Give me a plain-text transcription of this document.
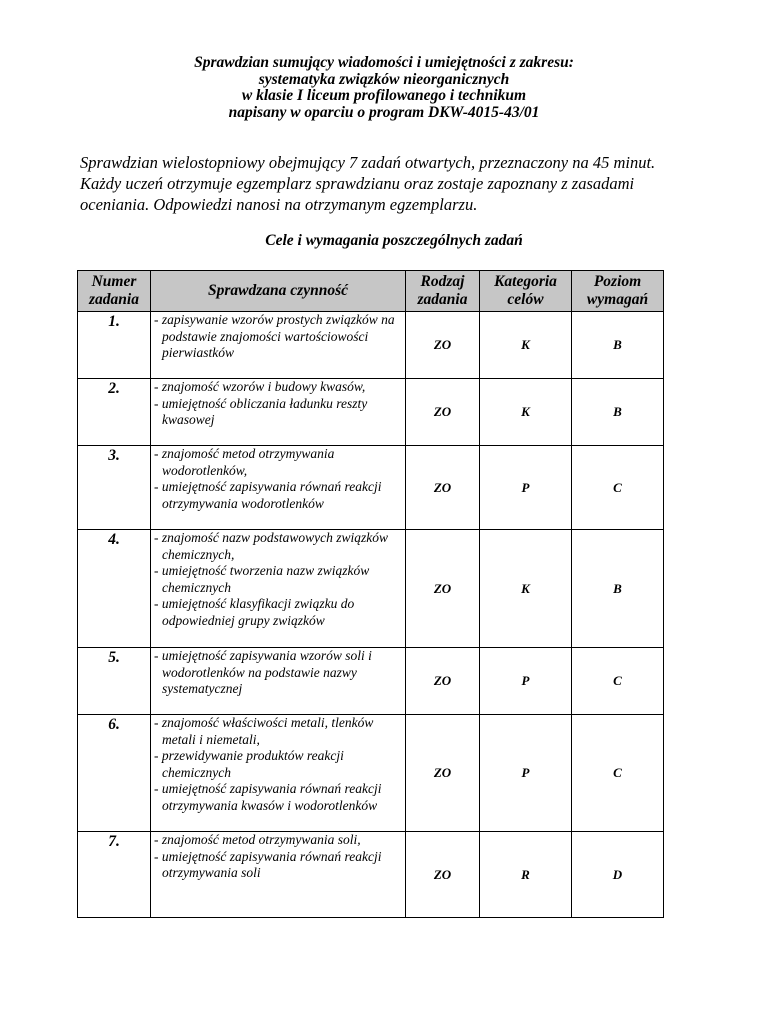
Sprawdzian sumujący wiadomości i umiejętności z zakresu:
systematyka związków nieorganicznych
w klasie I liceum profilowanego i technikum
napisany w oparciu o program DKW-4015-43/01
Sprawdzian wielostopniowy obejmujący 7 zadań otwartych, przeznaczony na 45 minut. Każdy uczeń otrzymuje egzemplarz sprawdzianu oraz zostaje zapoznany z zasadami oceniania. Odpowiedzi nanosi na otrzymanym egzemplarzu.
Cele i wymagania poszczególnych zadań
Numer zadania	Sprawdzana czynność	Rodzaj zadania	Kategoria celów	Poziom wymagań
1.	- zapisywanie wzorów prostych związków na podstawie znajomości wartościowości pierwiastków	ZO	K	B
2.	- znajomość wzorów i budowy kwasów,
- umiejętność obliczania ładunku reszty kwasowej	ZO	K	B
3.	- znajomość metod otrzymywania wodorotlenków,
- umiejętność zapisywania równań reakcji otrzymywania wodorotlenków	ZO	P	C
4.	- znajomość nazw podstawowych związków chemicznych,
- umiejętność tworzenia nazw związków chemicznych
- umiejętność klasyfikacji związku do odpowiedniej grupy związków	ZO	K	B
5.	- umiejętność zapisywania wzorów soli i wodorotlenków na podstawie nazwy systematycznej	ZO	P	C
6.	- znajomość właściwości metali, tlenków metali i niemetali,
- przewidywanie produktów reakcji chemicznych
- umiejętność zapisywania równań reakcji otrzymywania kwasów i wodorotlenków	ZO	P	C
7.	- znajomość metod otrzymywania soli,
- umiejętność zapisywania równań reakcji otrzymywania soli	ZO	R	D
